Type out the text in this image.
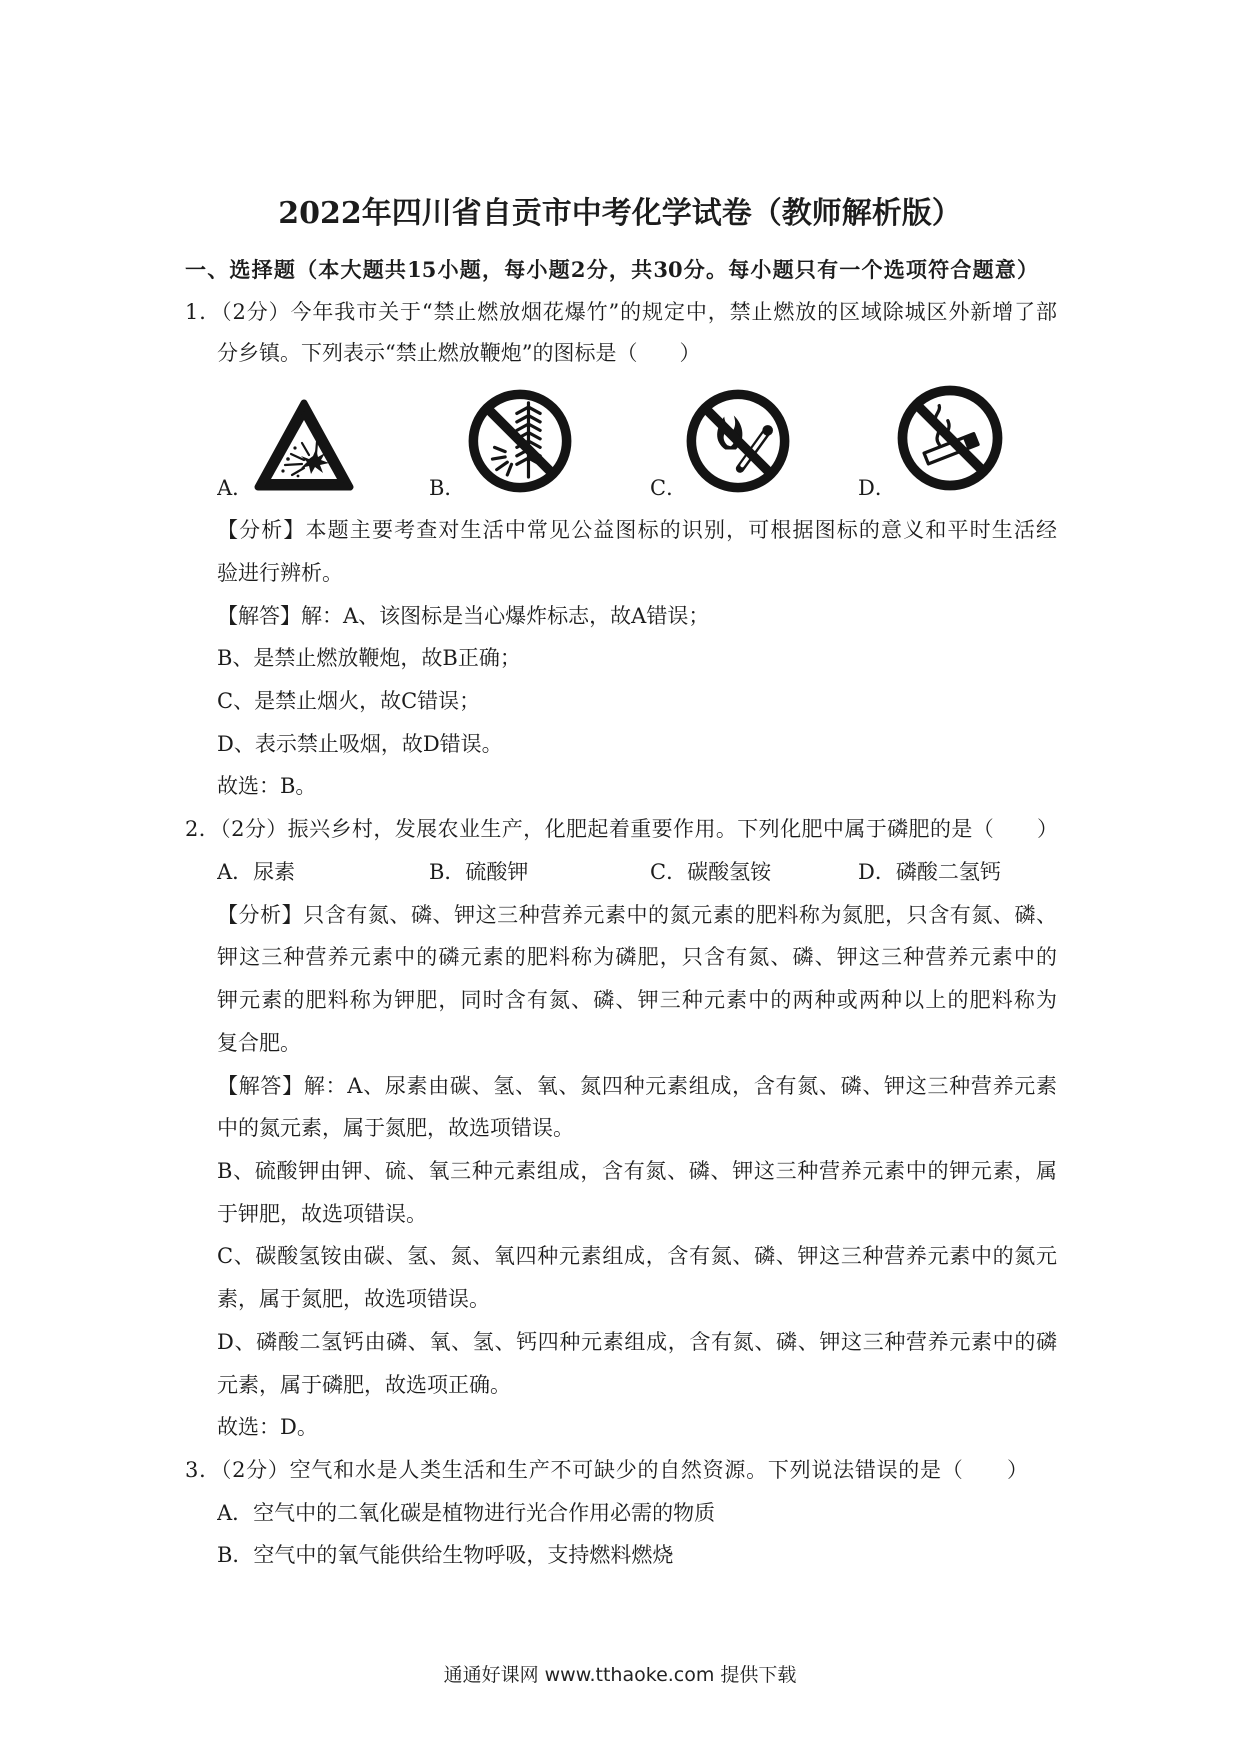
2022年四川省自贡市中考化学试卷（教师解析版）
一、选择题（本大题共15小题，每小题2分，共30分。每小题只有一个选项符合题意）
1．（2分）今年我市关于“禁止燃放烟花爆竹”的规定中，禁止燃放的区域除城区外新增了部
分乡镇。下列表示“禁止燃放鞭炮”的图标是（　　）
A．	B．	C．	D．
【分析】本题主要考查对生活中常见公益图标的识别，可根据图标的意义和平时生活经
验进行辨析。
【解答】解：A、该图标是当心爆炸标志，故A错误；
B、是禁止燃放鞭炮，故B正确；
C、是禁止烟火，故C错误；
D、表示禁止吸烟，故D错误。
故选：B。
2．（2分）振兴乡村，发展农业生产，化肥起着重要作用。下列化肥中属于磷肥的是（　　）
A．尿素	B．硫酸钾	C．碳酸氢铵	D．磷酸二氢钙
【分析】只含有氮、磷、钾这三种营养元素中的氮元素的肥料称为氮肥，只含有氮、磷、
钾这三种营养元素中的磷元素的肥料称为磷肥，只含有氮、磷、钾这三种营养元素中的
钾元素的肥料称为钾肥，同时含有氮、磷、钾三种元素中的两种或两种以上的肥料称为
复合肥。
【解答】解：A、尿素由碳、氢、氧、氮四种元素组成，含有氮、磷、钾这三种营养元素
中的氮元素，属于氮肥，故选项错误。
B、硫酸钾由钾、硫、氧三种元素组成，含有氮、磷、钾这三种营养元素中的钾元素，属
于钾肥，故选项错误。
C、碳酸氢铵由碳、氢、氮、氧四种元素组成，含有氮、磷、钾这三种营养元素中的氮元
素，属于氮肥，故选项错误。
D、磷酸二氢钙由磷、氧、氢、钙四种元素组成，含有氮、磷、钾这三种营养元素中的磷
元素，属于磷肥，故选项正确。
故选：D。
3．（2分）空气和水是人类生活和生产不可缺少的自然资源。下列说法错误的是（　　）
A．空气中的二氧化碳是植物进行光合作用必需的物质
B．空气中的氧气能供给生物呼吸，支持燃料燃烧
通通好课网 www.tthaoke.com 提供下载
